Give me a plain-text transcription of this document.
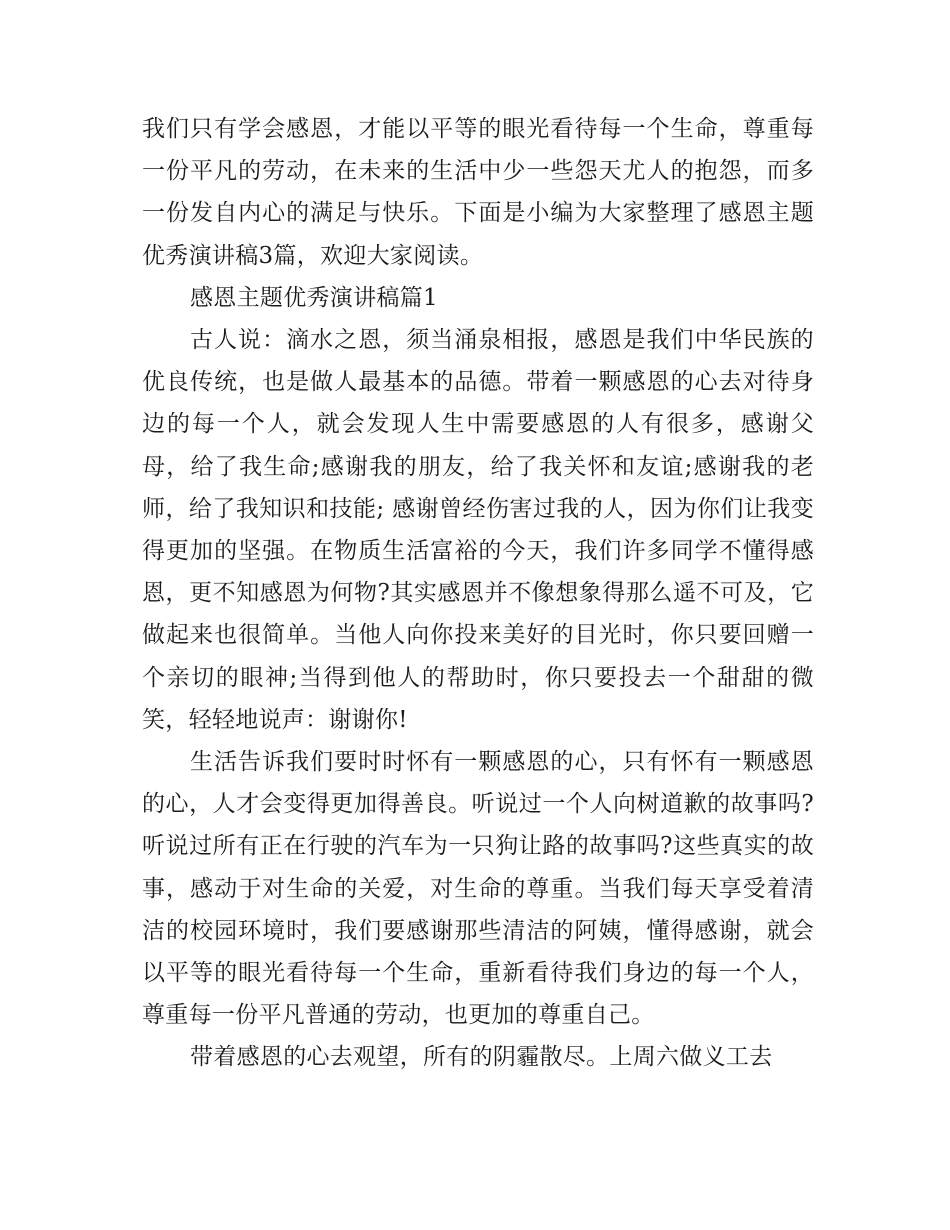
我们只有学会感恩，才能以平等的眼光看待每一个生命，尊重每一份平凡的劳动，在未来的生活中少一些怨天尤人的抱怨，而多一份发自内心的满足与快乐。下面是小编为大家整理了感恩主题优秀演讲稿3篇，欢迎大家阅读。

感恩主题优秀演讲稿篇1

古人说：滴水之恩，须当涌泉相报，感恩是我们中华民族的优良传统，也是做人最基本的品德。带着一颗感恩的心去对待身边的每一个人，就会发现人生中需要感恩的人有很多，感谢父母，给了我生命;感谢我的朋友，给了我关怀和友谊;感谢我的老师，给了我知识和技能; 感谢曾经伤害过我的人，因为你们让我变得更加的坚强。在物质生活富裕的今天，我们许多同学不懂得感恩，更不知感恩为何物?其实感恩并不像想象得那么遥不可及，它做起来也很简单。当他人向你投来美好的目光时，你只要回赠一个亲切的眼神;当得到他人的帮助时，你只要投去一个甜甜的微笑，轻轻地说声：谢谢你!

生活告诉我们要时时怀有一颗感恩的心，只有怀有一颗感恩的心，人才会变得更加得善良。听说过一个人向树道歉的故事吗?听说过所有正在行驶的汽车为一只狗让路的故事吗?这些真实的故事，感动于对生命的关爱，对生命的尊重。当我们每天享受着清洁的校园环境时，我们要感谢那些清洁的阿姨，懂得感谢，就会以平等的眼光看待每一个生命，重新看待我们身边的每一个人，尊重每一份平凡普通的劳动，也更加的尊重自己。

带着感恩的心去观望，所有的阴霾散尽。上周六做义工去
